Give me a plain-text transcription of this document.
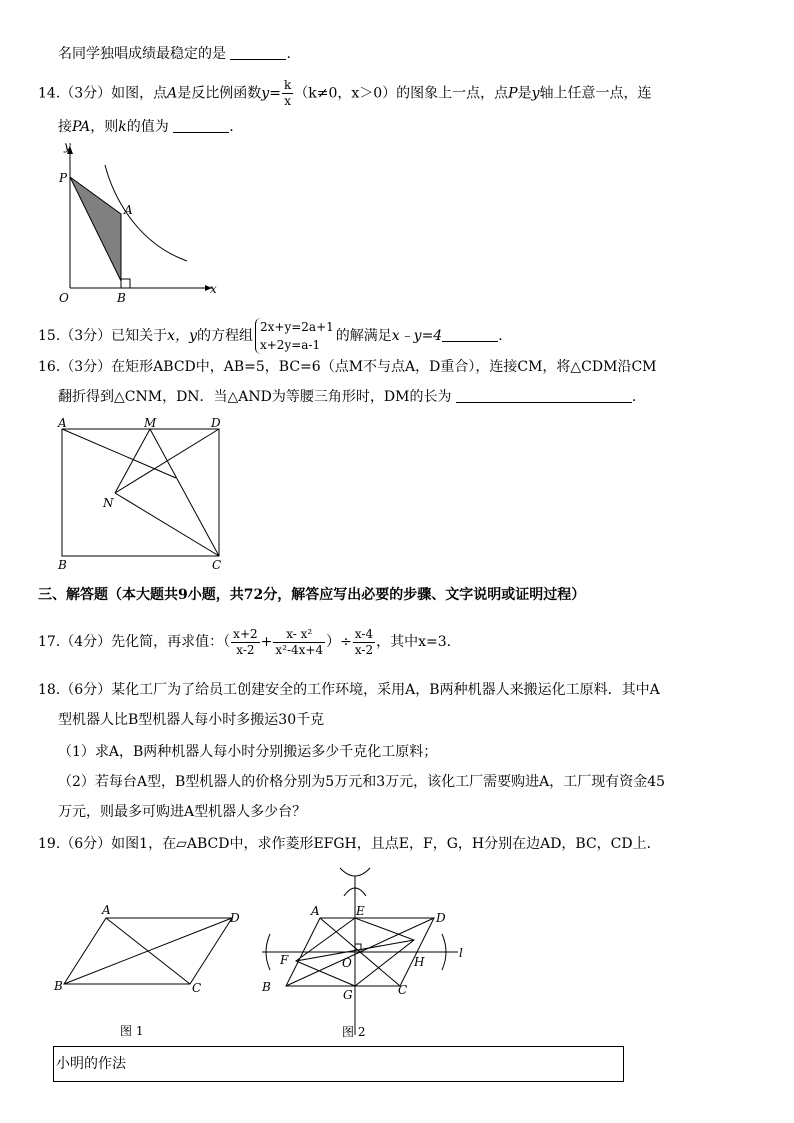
名同学独唱成绩最稳定的是	.
14.（3分）如图，点A是反比例函数$y= \frac{k}{x} (k\ne 0$，x＞0）的图象上一点，点P是y轴上任意一点，连
接PA，则k的值为	.
y
P
A
O	B
x
15.（3分）已知关于x，y的方程组
2x+y=2a+1
x+2y=a-1
的解满足x﹣y=4	.
16.（3分）在矩形ABCD中，AB=5，BC=6（点M不与点A，D重合），连接CM，将△CDM沿CM
翻折得到△CNM，DN．当△AND为等腰三角形时，DM的长为	.
A	M	D
N
B	C
三、解答题（本大题共9小题，共72分，解答应写出必要的步骤、文字说明或证明过程）
17.（4分）先化简，再求值：（ $\frac{x+2}{x-2} + \frac{\text{x- x²}}{\text{x²-4x+4}}$ ）÷ $\frac{x-4}{x-2}$ ，其中x=3.
18.（6分）某化工厂为了给员工创建安全的工作环境，采用A，B两种机器人来搬运化工原料．其中A
型机器人比B型机器人每小时多搬运30千克
（1）求A，B两种机器人每小时分别搬运多少千克化工原料；
（2）若每台A型，B型机器人的价格分别为5万元和3万元，该化工厂需要购进A，工厂现有资金45
万元，则最多可购进A型机器人多少台？
19.（6分）如图1，在▱ABCD中，求作菱形EFGH，且点E，F，G，H分别在边AD，BC，CD上．
A
D
B	C
图 1
A	E	D
F	O	H
l
B
G	C
图 2
小明的作法
